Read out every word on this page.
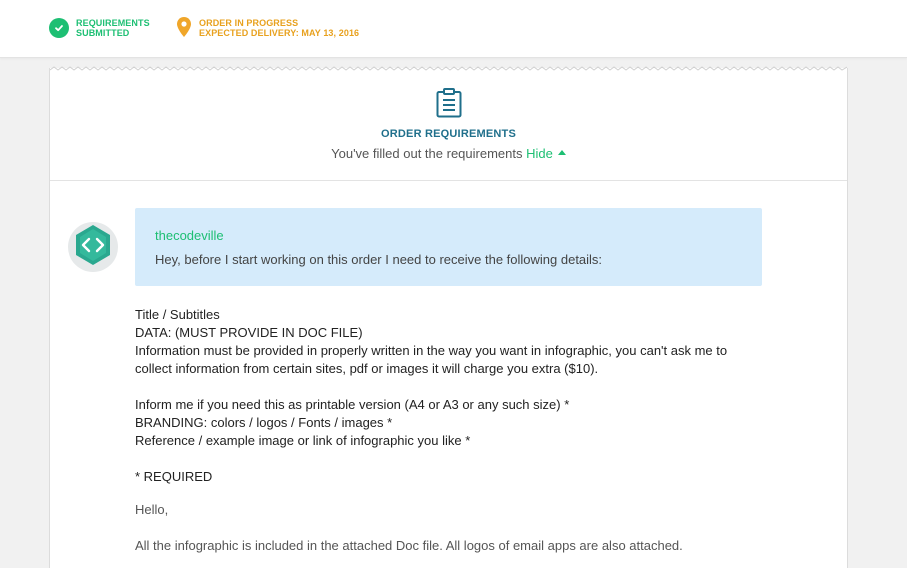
REQUIREMENTS
SUBMITTED
ORDER IN PROGRESS
EXPECTED DELIVERY: MAY 13, 2016
ORDER REQUIREMENTS
You've filled out the requirements Hide
thecodeville
Hey, before I start working on this order I need to receive the following details:
Title / Subtitles
DATA: (MUST PROVIDE IN DOC FILE)
Information must be provided in properly written in the way you want in infographic, you can't ask me to collect information from certain sites, pdf or images it will charge you extra ($10).
Inform me if you need this as printable version (A4 or A3 or any such size) *
BRANDING: colors / logos / Fonts / images *
Reference / example image or link of infographic you like *
* REQUIRED
Hello,
All the infographic is included in the attached Doc file. All logos of email apps are also attached.
